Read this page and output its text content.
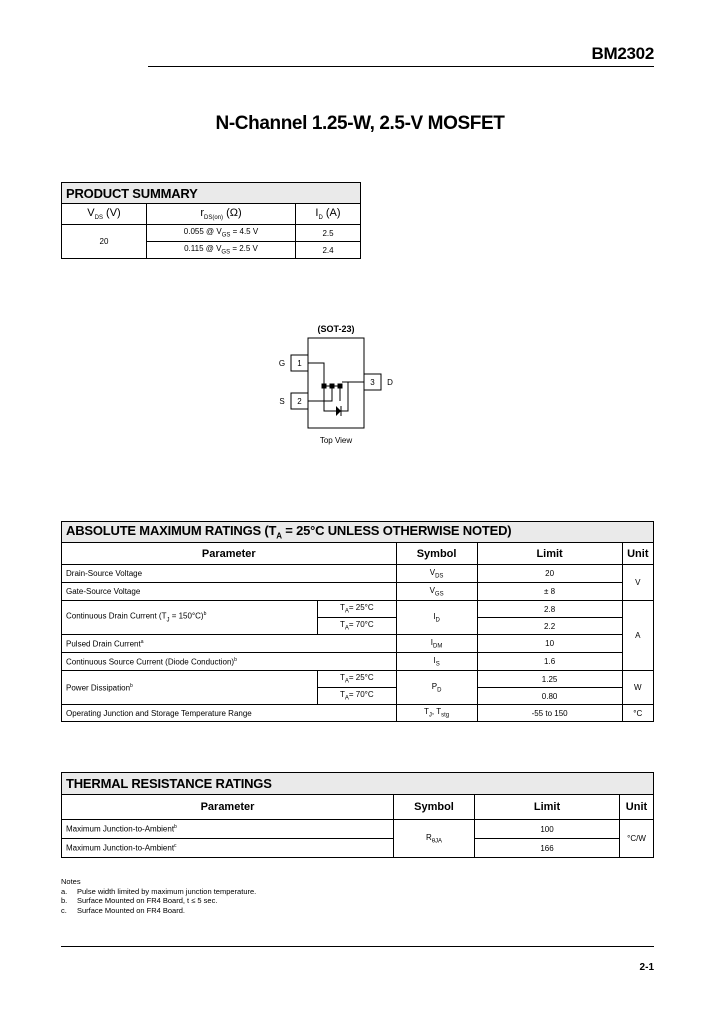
BM2302
N-Channel 1.25-W, 2.5-V MOSFET
PRODUCT SUMMARY		
$V_{DS}$ (V)	$r_{DS(on)}$ (Ω)	$I_D$ (A)
20	0.055 @ $V_{GS} = 4.5$ V	2.5
	0.115 @ $V_{GS} = 2.5$ V	2.4
(SOT-23)
1
2
3
G
S
D
Top View
ABSOLUTE MAXIMUM RATINGS ($T_A = 25^\circ C$ UNLESS OTHERWISE NOTED)				
Parameter		Symbol	Limit	Unit
Drain-Source Voltage		$V_{DS}$	20	V
Gate-Source Voltage		$V_{GS}$	± 8	
Continuous Drain Current $(T_J = 150^\circ C)^b$	$T_A= 25^\circ C$	$I_D$	2.8	A
	$T_A= 70^\circ C$		2.2	
Pulsed Drain Current$^a$		$I_{DM}$	10	
Continuous Source Current (Diode Conduction)$^b$		$I_S$	1.6	
Power Dissipation$^b$	$T_A= 25^\circ C$	$P_D$	1.25	W
	$T_A= 70^\circ C$		0.80	
Operating Junction and Storage Temperature Range		$T_J$, $T_{stg}$	-55 to 150	°C
THERMAL RESISTANCE RATINGS			
Parameter	Symbol	Limit	Unit
Maximum Junction-to-Ambient$^b$	$R_{\theta JA}$	100	°C/W
Maximum Junction-to-Ambient$^c$		166	
Notes
a. Pulse width limited by maximum junction temperature.
b. Surface Mounted on FR4 Board, t ≤ 5 sec.
c. Surface Mounted on FR4 Board.
2-1
